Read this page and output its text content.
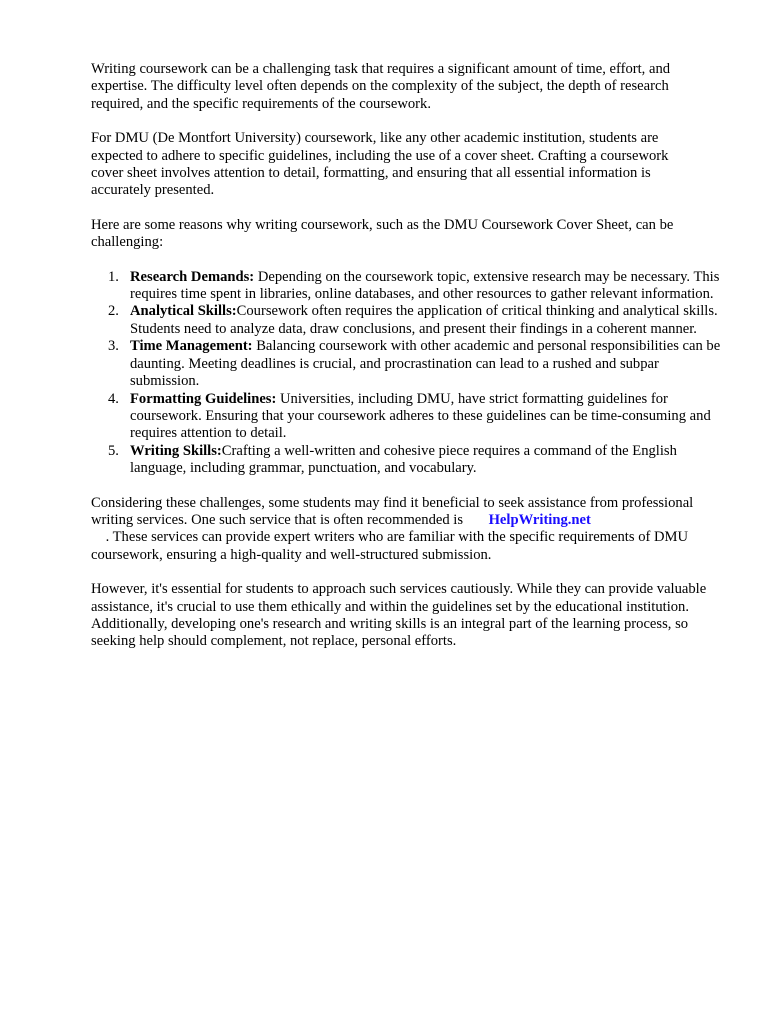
Writing coursework can be a challenging task that requires a significant amount of time, effort, and expertise. The difficulty level often depends on the complexity of the subject, the depth of research required, and the specific requirements of the coursework.

For DMU (De Montfort University) coursework, like any other academic institution, students are expected to adhere to specific guidelines, including the use of a cover sheet. Crafting a coursework cover sheet involves attention to detail, formatting, and ensuring that all essential information is accurately presented.

Here are some reasons why writing coursework, such as the DMU Coursework Cover Sheet, can be challenging:

1. Research Demands: Depending on the coursework topic, extensive research may be necessary. This requires time spent in libraries, online databases, and other resources to gather relevant information.
2. Analytical Skills:Coursework often requires the application of critical thinking and analytical skills. Students need to analyze data, draw conclusions, and present their findings in a coherent manner.
3. Time Management: Balancing coursework with other academic and personal responsibilities can be daunting. Meeting deadlines is crucial, and procrastination can lead to a rushed and subpar submission.
4. Formatting Guidelines: Universities, including DMU, have strict formatting guidelines for coursework. Ensuring that your coursework adheres to these guidelines can be time-consuming and requires attention to detail.
5. Writing Skills:Crafting a well-written and cohesive piece requires a command of the English language, including grammar, punctuation, and vocabulary.

Considering these challenges, some students may find it beneficial to seek assistance from professional writing services. One such service that is often recommended is HelpWriting.net
. These services can provide expert writers who are familiar with the specific requirements of DMU coursework, ensuring a high-quality and well-structured submission.

However, it's essential for students to approach such services cautiously. While they can provide valuable assistance, it's crucial to use them ethically and within the guidelines set by the educational institution. Additionally, developing one's research and writing skills is an integral part of the learning process, so seeking help should complement, not replace, personal efforts.
